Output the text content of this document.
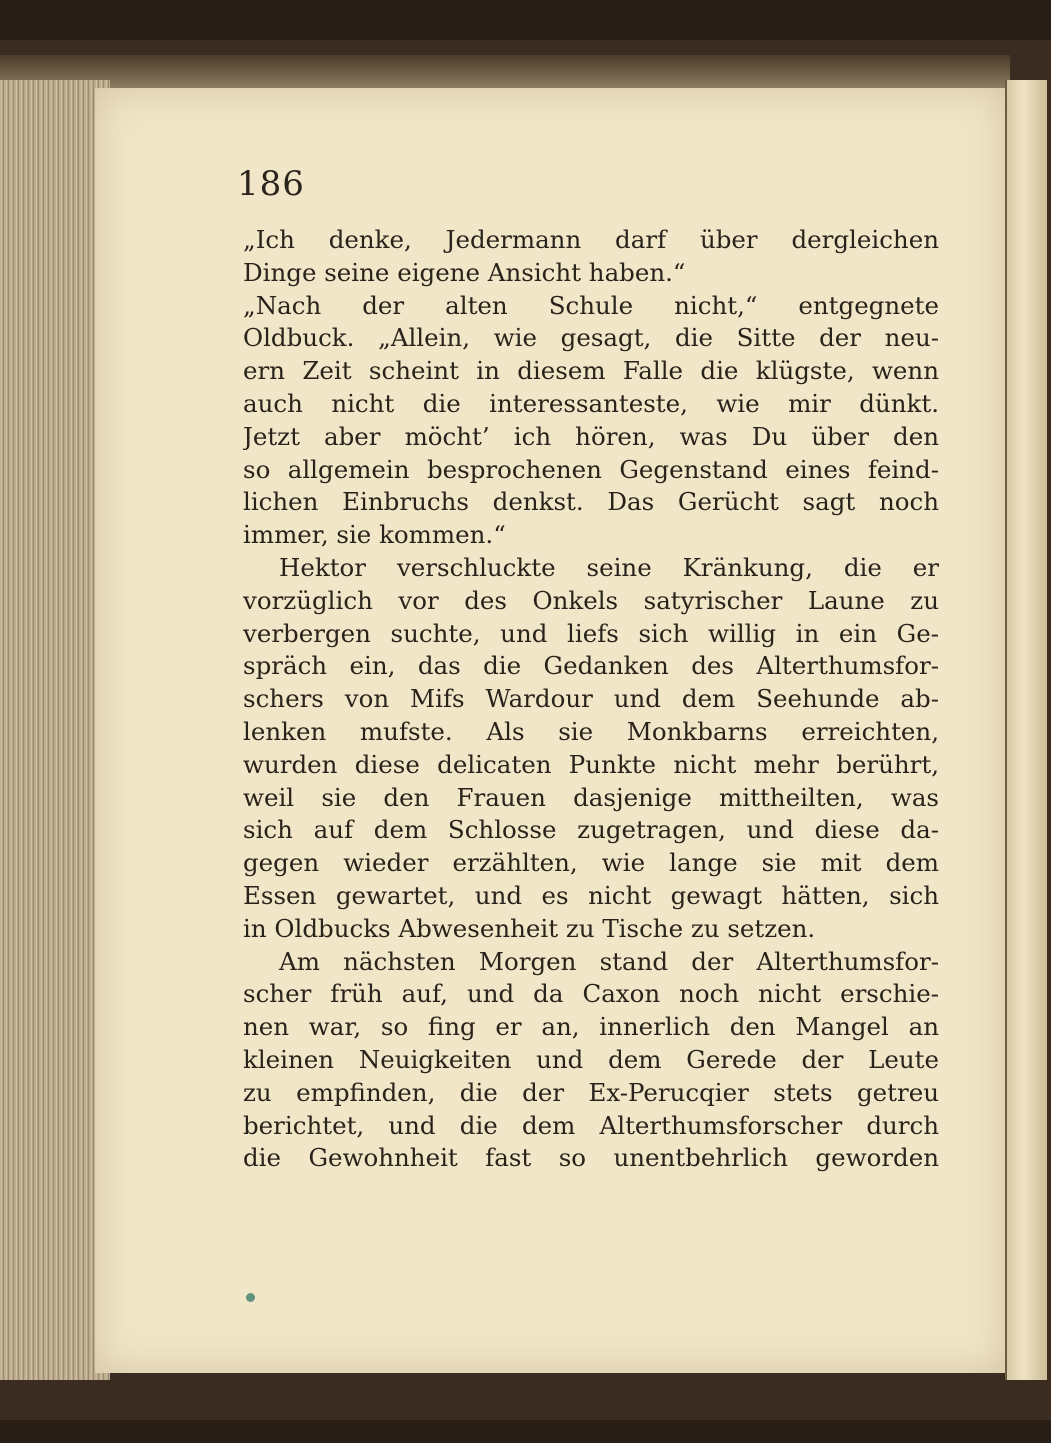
186
„Ich denke, Jedermann darf über dergleichen
Dinge seine eigene Ansicht haben.“
„Nach der alten Schule nicht,“ entgegnete
Oldbuck. „Allein, wie gesagt, die Sitte der neu-
ern Zeit scheint in diesem Falle die klügste, wenn
auch nicht die interessanteste, wie mir dünkt.
Jetzt aber möcht’ ich hören, was Du über den
so allgemein besprochenen Gegenstand eines feind-
lichen Einbruchs denkst. Das Gerücht sagt noch
immer, sie kommen.“
Hektor verschluckte seine Kränkung, die er
vorzüglich vor des Onkels satyrischer Laune zu
verbergen suchte, und liefs sich willig in ein Ge-
spräch ein, das die Gedanken des Alterthumsfor-
schers von Mifs Wardour und dem Seehunde ab-
lenken mufste. Als sie Monkbarns erreichten,
wurden diese delicaten Punkte nicht mehr berührt,
weil sie den Frauen dasjenige mittheilten, was
sich auf dem Schlosse zugetragen, und diese da-
gegen wieder erzählten, wie lange sie mit dem
Essen gewartet, und es nicht gewagt hätten, sich
in Oldbucks Abwesenheit zu Tische zu setzen.
Am nächsten Morgen stand der Alterthumsfor-
scher früh auf, und da Caxon noch nicht erschie-
nen war, so fing er an, innerlich den Mangel an
kleinen Neuigkeiten und dem Gerede der Leute
zu empfinden, die der Ex-Perucqier stets getreu
berichtet, und die dem Alterthumsforscher durch
die Gewohnheit fast so unentbehrlich geworden
